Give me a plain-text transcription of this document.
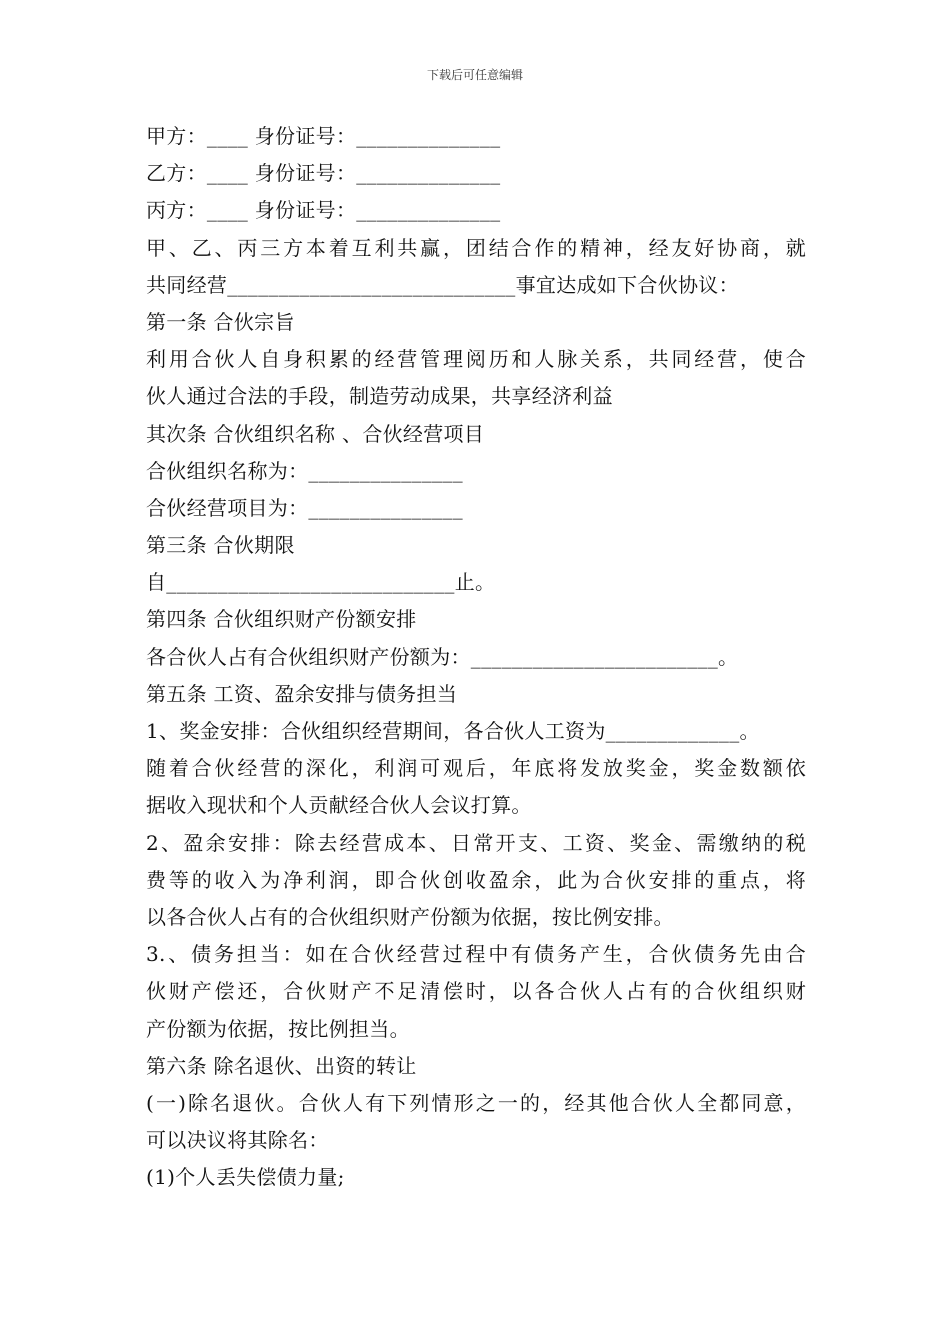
下载后可任意编辑
甲方：____ 身份证号：______________
乙方：____ 身份证号：______________
丙方：____ 身份证号：______________
甲、乙、丙三方本着互利共赢，团结合作的精神，经友好协商，就
共同经营____________________________事宜达成如下合伙协议：
第一条 合伙宗旨
利用合伙人自身积累的经营管理阅历和人脉关系，共同经营，使合
伙人通过合法的手段，制造劳动成果，共享经济利益
其次条 合伙组织名称 、合伙经营项目
合伙组织名称为：_______________
合伙经营项目为：_______________
第三条 合伙期限
自____________________________止。
第四条 合伙组织财产份额安排
各合伙人占有合伙组织财产份额为：________________________。
第五条 工资、盈余安排与债务担当
1、奖金安排：合伙组织经营期间，各合伙人工资为_____________。
随着合伙经营的深化，利润可观后，年底将发放奖金，奖金数额依
据收入现状和个人贡献经合伙人会议打算。
2、盈余安排：除去经营成本、日常开支、工资、奖金、需缴纳的税
费等的收入为净利润，即合伙创收盈余，此为合伙安排的重点，将
以各合伙人占有的合伙组织财产份额为依据，按比例安排。
3.、债务担当：如在合伙经营过程中有债务产生，合伙债务先由合
伙财产偿还，合伙财产不足清偿时，以各合伙人占有的合伙组织财
产份额为依据，按比例担当。
第六条 除名退伙、出资的转让
(一)除名退伙。合伙人有下列情形之一的，经其他合伙人全都同意，
可以决议将其除名：
(1)个人丢失偿债力量;
